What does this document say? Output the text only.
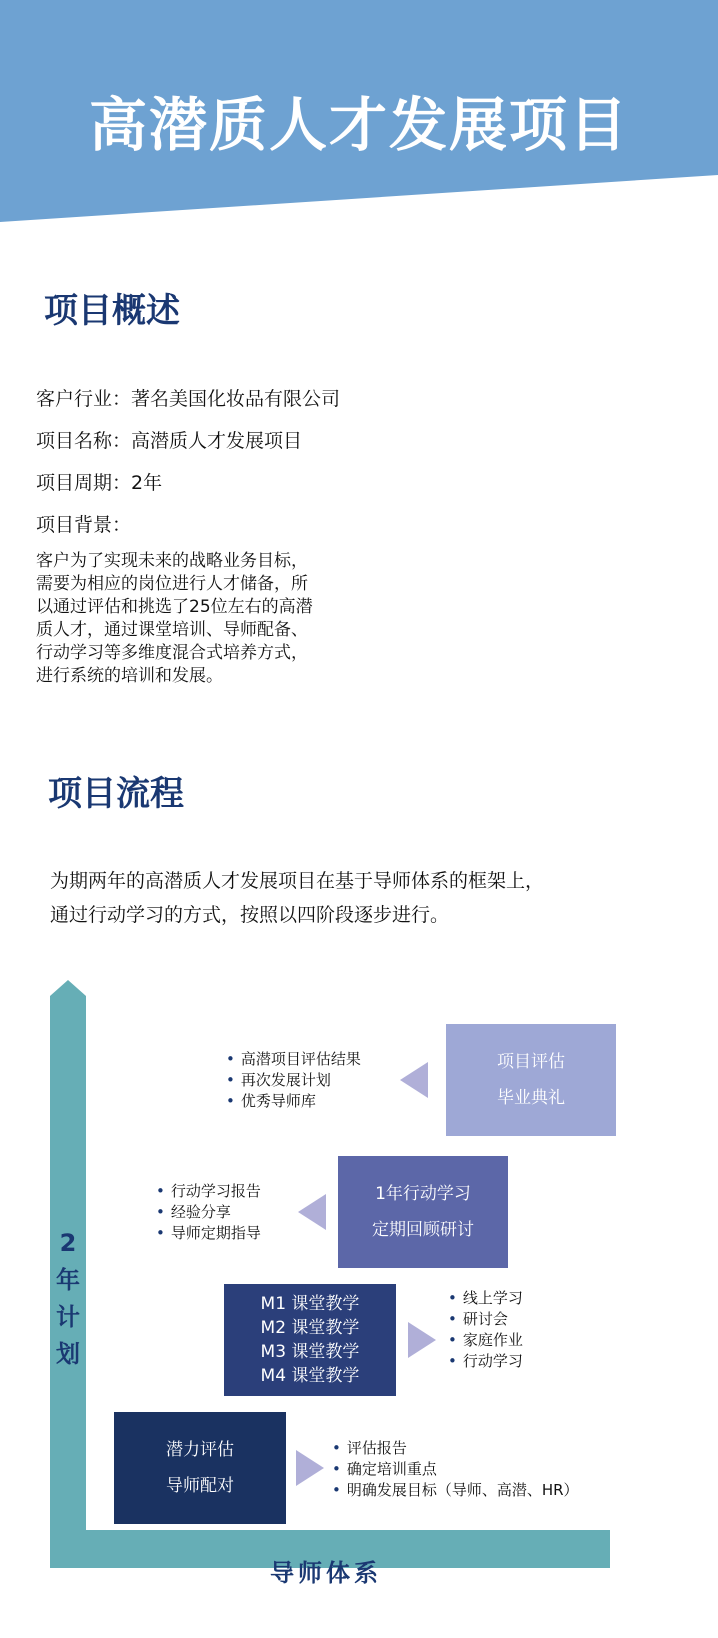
高潜质人才发展项目
项目概述
客户行业：著名美国化妆品有限公司
项目名称：高潜质人才发展项目
项目周期：2年
项目背景：
客户为了实现未来的战略业务目标，
需要为相应的岗位进行人才储备，所
以通过评估和挑选了25位左右的高潜
质人才，通过课堂培训、导师配备、
行动学习等多维度混合式培养方式，
进行系统的培训和发展。
项目流程
为期两年的高潜质人才发展项目在基于导师体系的框架上，
通过行动学习的方式，按照以四阶段逐步进行。
2
年
计
划
导师体系
项目评估
毕业典礼
• 高潜项目评估结果
• 再次发展计划
• 优秀导师库
1年行动学习
定期回顾研讨
• 行动学习报告
• 经验分享
• 导师定期指导
M1 课堂教学
M2 课堂教学
M3 课堂教学
M4 课堂教学
• 线上学习
• 研讨会
• 家庭作业
• 行动学习
潜力评估
导师配对
• 评估报告
• 确定培训重点
• 明确发展目标（导师、高潜、HR）
